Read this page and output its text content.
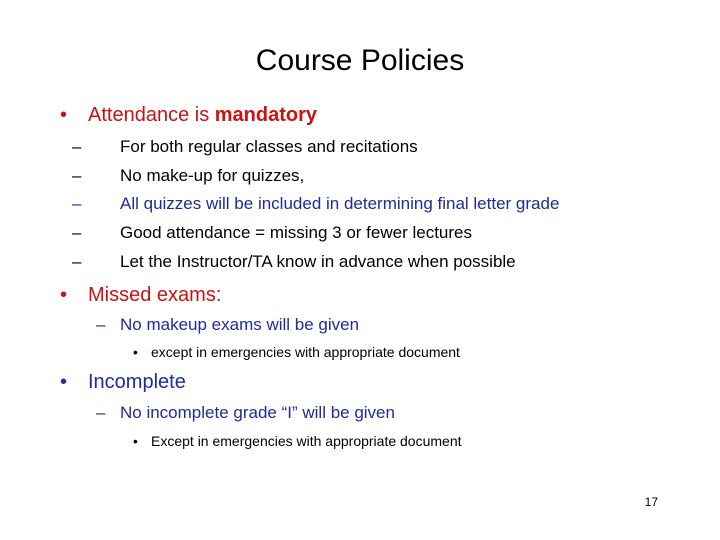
Course Policies
• Attendance is mandatory
– For both regular classes and recitations
– No make-up for quizzes,
– All quizzes will be included in determining final letter grade
– Good attendance = missing 3 or fewer lectures
– Let the Instructor/TA know in advance when possible
• Missed exams:
– No makeup exams will be given
• except in emergencies with appropriate document
• Incomplete
– No incomplete grade “I” will be given
• Except in emergencies with appropriate document
17
